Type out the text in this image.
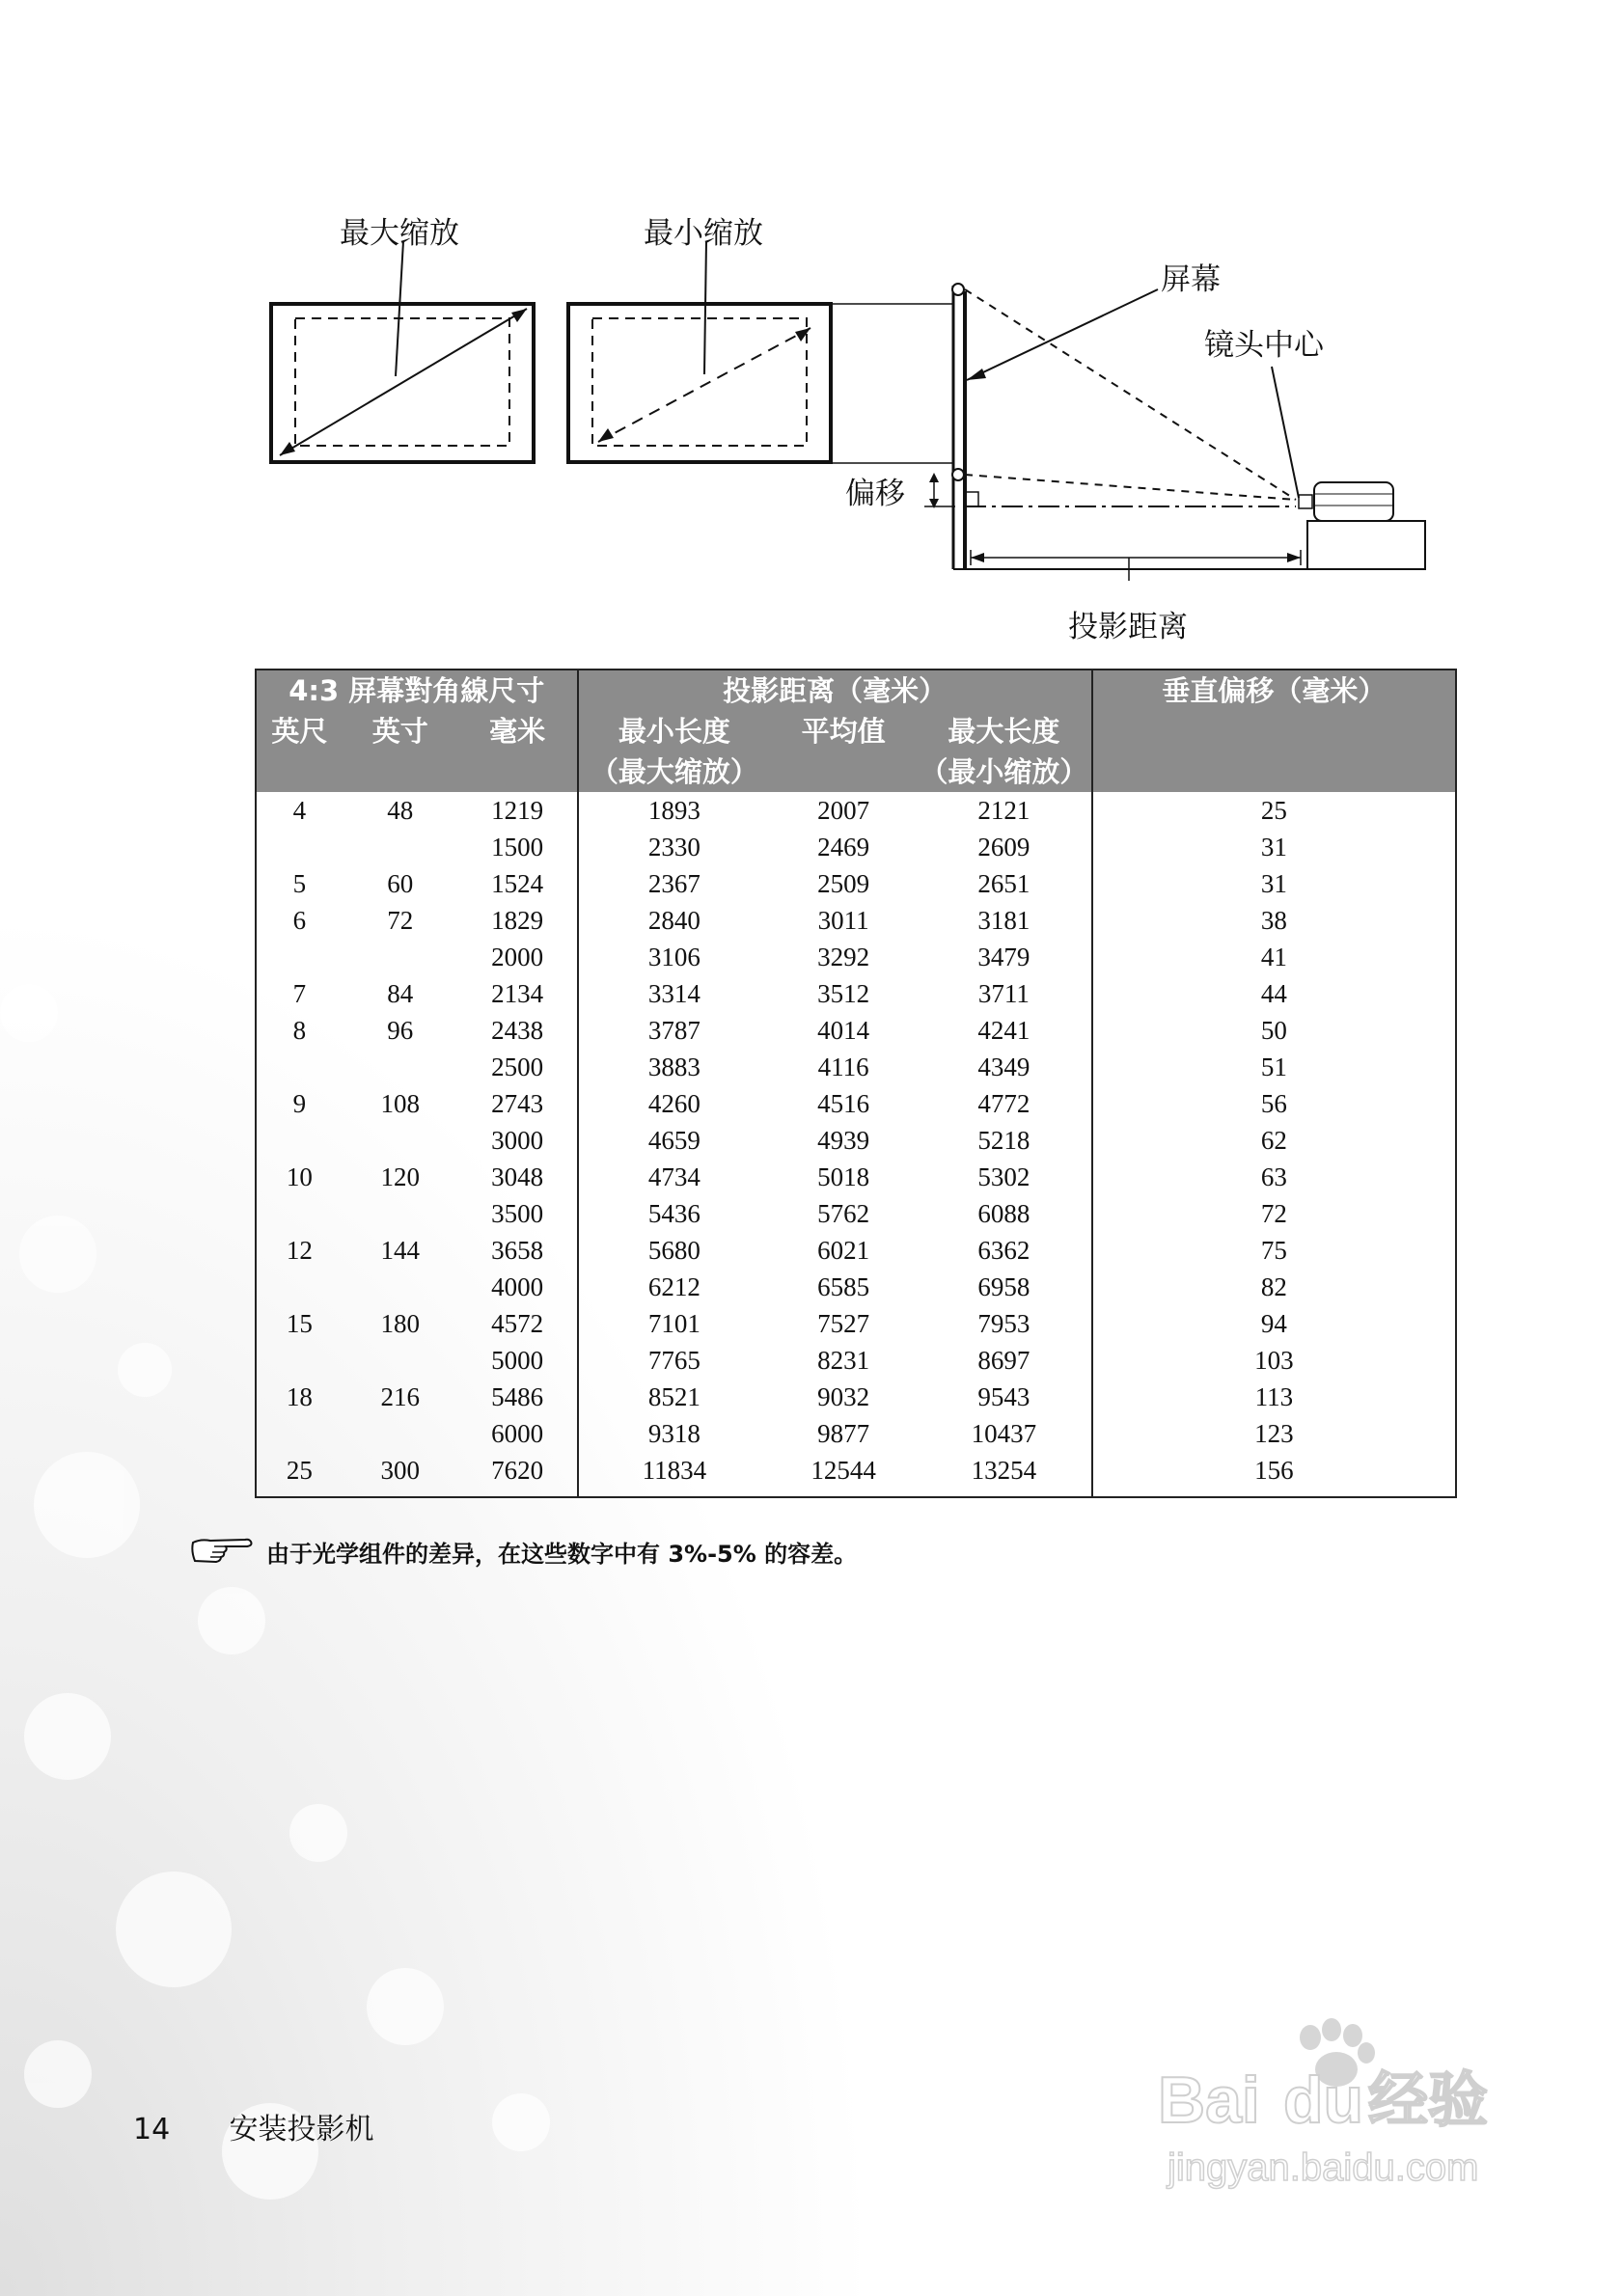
最大缩放	最小缩放
屏幕
镜头中心
偏移
投影距离
4:3 屏幕對角線尺寸			投影距离（毫米）			垂直偏移（毫米）
英尺	英寸	毫米	最小长度	平均值	最大长度	
			（最大缩放）		（最小缩放）	
4	48	1219	1893	2007	2121	25
		1500	2330	2469	2609	31
5	60	1524	2367	2509	2651	31
6	72	1829	2840	3011	3181	38
		2000	3106	3292	3479	41
7	84	2134	3314	3512	3711	44
8	96	2438	3787	4014	4241	50
		2500	3883	4116	4349	51
9	108	2743	4260	4516	4772	56
		3000	4659	4939	5218	62
10	120	3048	4734	5018	5302	63
		3500	5436	5762	6088	72
12	144	3658	5680	6021	6362	75
		4000	6212	6585	6958	82
15	180	4572	7101	7527	7953	94
		5000	7765	8231	8697	103
18	216	5486	8521	9032	9543	113
		6000	9318	9877	10437	123
25	300	7620	11834	12544	13254	156
由于光学组件的差异，在这些数字中有 3%-5% 的容差。
14 安装投影机	Bai du 经验
jingyan.baidu.com
